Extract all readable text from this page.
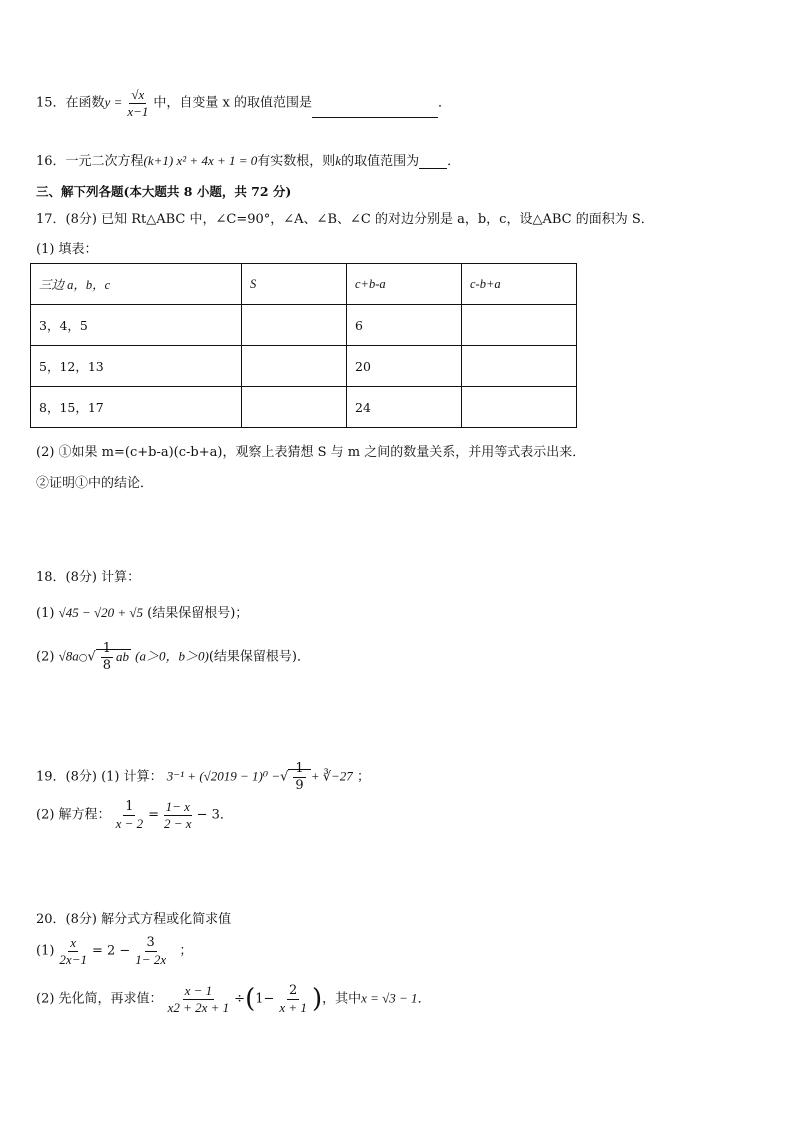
15．在函数$y = \frac{√x}{x-1}$ 中，自变量 x 的取值范围是	．
16．一元二次方程(k+1) x² + 4x + 1 = 0有实数根，则k的取值范围为 ．
三、解下列各题(本大题共 8 小题，共 72 分)
17．(8分) 已知 Rt△ABC 中，∠C=90°，∠A、∠B、∠C 的对边分别是 a，b，c，设△ABC 的面积为 S．
(1) 填表：
三边 a，b，c	S	c+b-a	c-b+a
3，4，5		6	
5，12，13		20	
8，15，17		24	
(2) ①如果 m=(c+b-a)(c-b+a)，观察上表猜想 S 与 m 之间的数量关系，并用等式表示出来．
②证明①中的结论．
18．(8分) 计算：
(1) √45 − √20 + √5 (结果保留根号)；
(2) √8a○√ $\frac{1}{8}$ ab (a＞0，b＞0)(结果保留根号)．
19．(8分) (1) 计算： 3⁻¹ + (√2019 − 1)⁰ −√ $\frac{1}{9}$ + ∛−27 ；
(2) 解方程： $\frac{1}{x - 2} = \frac{1- x}{2 - x} - 3$．
20．(8分) 解分式方程或化简求值
$(1) \frac{x}{2x-1} = 2 - \frac{3}{1- 2x}$ ；
(2) 先化简，再求值： $\frac{x - 1}{x2 + 2x + 1} \div(1- \frac{2}{x + 1}$ )，其中x = √3 − 1．
